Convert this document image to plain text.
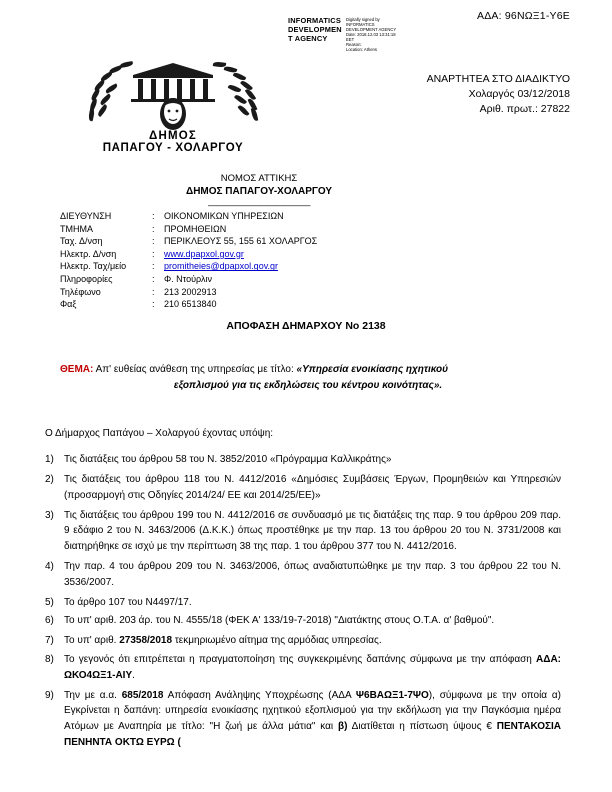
ΑΔΑ: 96ΝΩΞ1-Υ6Ε
INFORMATICS
DEVELOPMEN
T AGENCY
Digitally signed by
INFORMATICS
DEVELOPMENT AGENCY
Date: 2018.12.03 13:31:18
EET
Reason:
Location: Athens
ΑΝΑΡΤΗΤΕΑ ΣΤΟ ΔΙΑΔΙΚΤΥΟ
Χολαργός 03/12/2018
Αριθ. πρωτ.: 27822
ΔΗΜΟΣ
ΠΑΠΑΓΟΥ - ΧΟΛΑΡΓΟΥ
ΝΟΜΟΣ ΑΤΤΙΚΗΣ
ΔΗΜΟΣ ΠΑΠΑΓΟΥ-ΧΟΛΑΡΓΟΥ
————————————
ΔΙΕΥΘΥΝΣΗ	:	ΟΙΚΟΝΟΜΙΚΩΝ ΥΠΗΡΕΣΙΩΝ
ΤΜΗΜΑ	:	ΠΡΟΜΗΘΕΙΩΝ
Ταχ. Δ/νση	:	ΠΕΡΙΚΛΕΟΥΣ 55, 155 61 ΧΟΛΑΡΓΟΣ
Ηλεκτρ. Δ/νση	:	www.dpapxol.gov.gr
Ηλεκτρ. Ταχ/μείο	:	promitheies@dpapxol.gov.gr
Πληροφορίες	:	Φ. Ντούρλιν
Τηλέφωνο	:	213 2002913
Φαξ	:	210 6513840
ΑΠΟΦΑΣΗ ΔΗΜΑΡΧΟΥ Νο 2138
ΘΕΜΑ: Απ' ευθείας ανάθεση της υπηρεσίας με τίτλο: «Υπηρεσία ενοικίασης ηχητικού
εξοπλισμού για τις εκδηλώσεις του κέντρου κοινότητας».
Ο Δήμαρχος Παπάγου – Χολαργού έχοντας υπόψη:
1)	Τις διατάξεις του άρθρου 58 του Ν. 3852/2010 «Πρόγραμμα Καλλικράτης»
2)	Τις διατάξεις του άρθρου 118 του Ν. 4412/2016 «Δημόσιες Συμβάσεις Έργων, Προμηθειών και Υπηρεσιών (προσαρμογή στις Οδηγίες 2014/24/ ΕΕ και 2014/25/ΕΕ)»
3)	Τις διατάξεις του άρθρου 199 του Ν. 4412/2016 σε συνδυασμό με τις διατάξεις της παρ. 9 του άρθρου 209 παρ. 9 εδάφιο 2 του Ν. 3463/2006 (Δ.Κ.Κ.) όπως προστέθηκε με την παρ. 13 του άρθρου 20 του Ν. 3731/2008 και διατηρήθηκε σε ισχύ με την περίπτωση 38 της παρ. 1 του άρθρου 377 του Ν. 4412/2016.
4)	Την παρ. 4 του άρθρου 209 του Ν. 3463/2006, όπως αναδιατυπώθηκε με την παρ. 3 του άρθρου 22 του Ν. 3536/2007.
5)	Το άρθρο 107 του Ν4497/17.
6)	Το υπ' αριθ. 203 άρ. του Ν. 4555/18 (ΦΕΚ Α' 133/19-7-2018) "Διατάκτης στους Ο.Τ.Α. α' βαθμού".
7)	Το υπ' αριθ. 27358/2018 τεκμηριωμένο αίτημα της αρμόδιας υπηρεσίας.
8)	Το γεγονός ότι επιτρέπεται η πραγματοποίηση της συγκεκριμένης δαπάνης σύμφωνα με την απόφαση ΑΔΑ: ΩΚΟ4ΩΞ1-ΑΙΥ.
9)	Την με α.α. 685/2018 Απόφαση Ανάληψης Υποχρέωσης (ΑΔΑ Ψ6ΒΑΩΞ1-7ΨΟ), σύμφωνα με την οποία α) Εγκρίνεται η δαπάνη: υπηρεσία ενοικίασης ηχητικού εξοπλισμού για την εκδήλωση για την Παγκόσμια ημέρα Ατόμων με Αναπηρία με τίτλο: "Η ζωή με άλλα μάτια" και β) Διατίθεται η πίστωση ύψους € ΠΕΝΤΑΚΟΣΙΑ ΠΕΝΗΝΤΑ ΟΚΤΩ ΕΥΡΩ (
